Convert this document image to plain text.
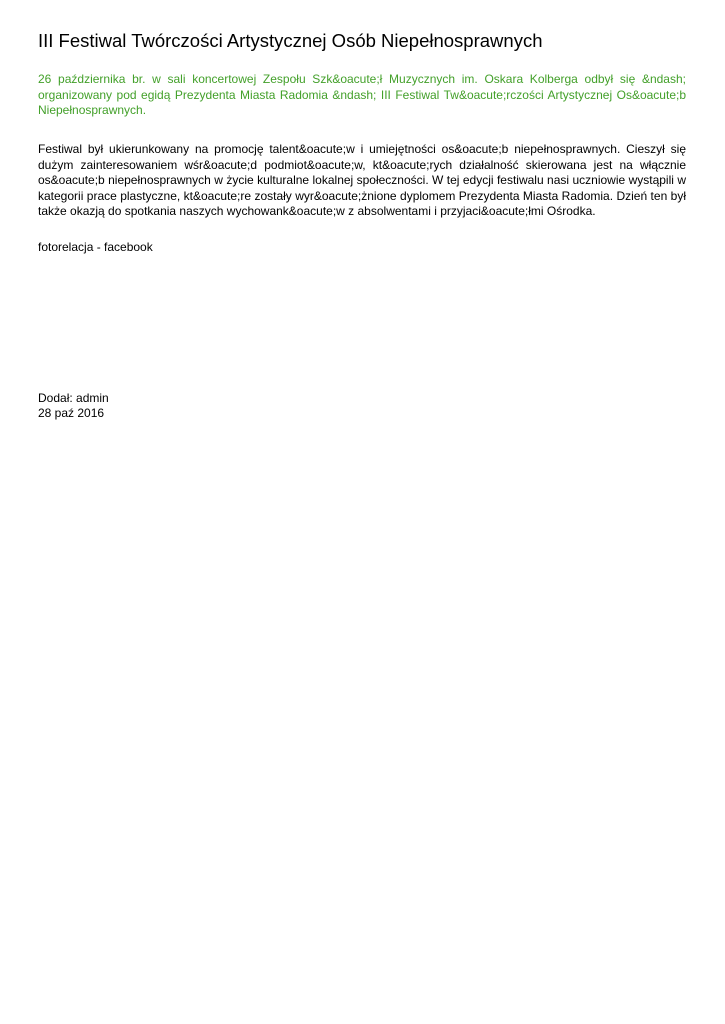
III Festiwal Twórczości Artystycznej Osób Niepełnosprawnych

26 października br. w sali koncertowej Zespołu Szk&oacute;ł Muzycznych im. Oskara Kolberga odbył się &ndash; organizowany pod egidą Prezydenta Miasta Radomia &ndash; III Festiwal Tw&oacute;rczości Artystycznej Os&oacute;b Niepełnosprawnych.

Festiwal był ukierunkowany na promocję talent&oacute;w i umiejętności os&oacute;b niepełnosprawnych. Cieszył się dużym zainteresowaniem wśr&oacute;d podmiot&oacute;w, kt&oacute;rych działalność skierowana jest na włącznie os&oacute;b niepełnosprawnych w życie kulturalne lokalnej społeczności. W tej edycji festiwalu nasi uczniowie wystąpili w kategorii prace plastyczne, kt&oacute;re zostały wyr&oacute;żnione dyplomem Prezydenta Miasta Radomia. Dzień ten był także okazją do spotkania naszych wychowank&oacute;w z absolwentami i przyjaci&oacute;łmi Ośrodka.

fotorelacja - facebook

Dodał: admin
28 paź 2016
